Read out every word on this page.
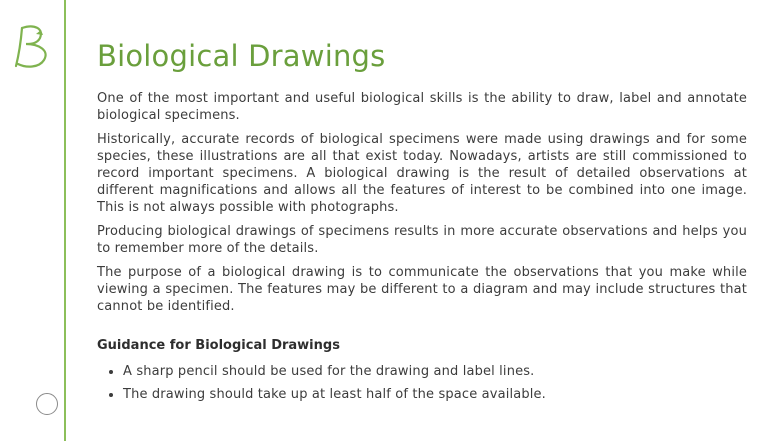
Biological Drawings

One of the most important and useful biological skills is the ability to draw, label and annotate biological specimens.

Historically, accurate records of biological specimens were made using drawings and for some species, these illustrations are all that exist today. Nowadays, artists are still commissioned to record important specimens. A biological drawing is the result of detailed observations at different magnifications and allows all the features of interest to be combined into one image. This is not always possible with photographs.

Producing biological drawings of specimens results in more accurate observations and helps you to remember more of the details.

The purpose of a biological drawing is to communicate the observations that you make while viewing a specimen. The features may be different to a diagram and may include structures that cannot be identified.

Guidance for Biological Drawings
• A sharp pencil should be used for the drawing and label lines.
• The drawing should take up at least half of the space available.
